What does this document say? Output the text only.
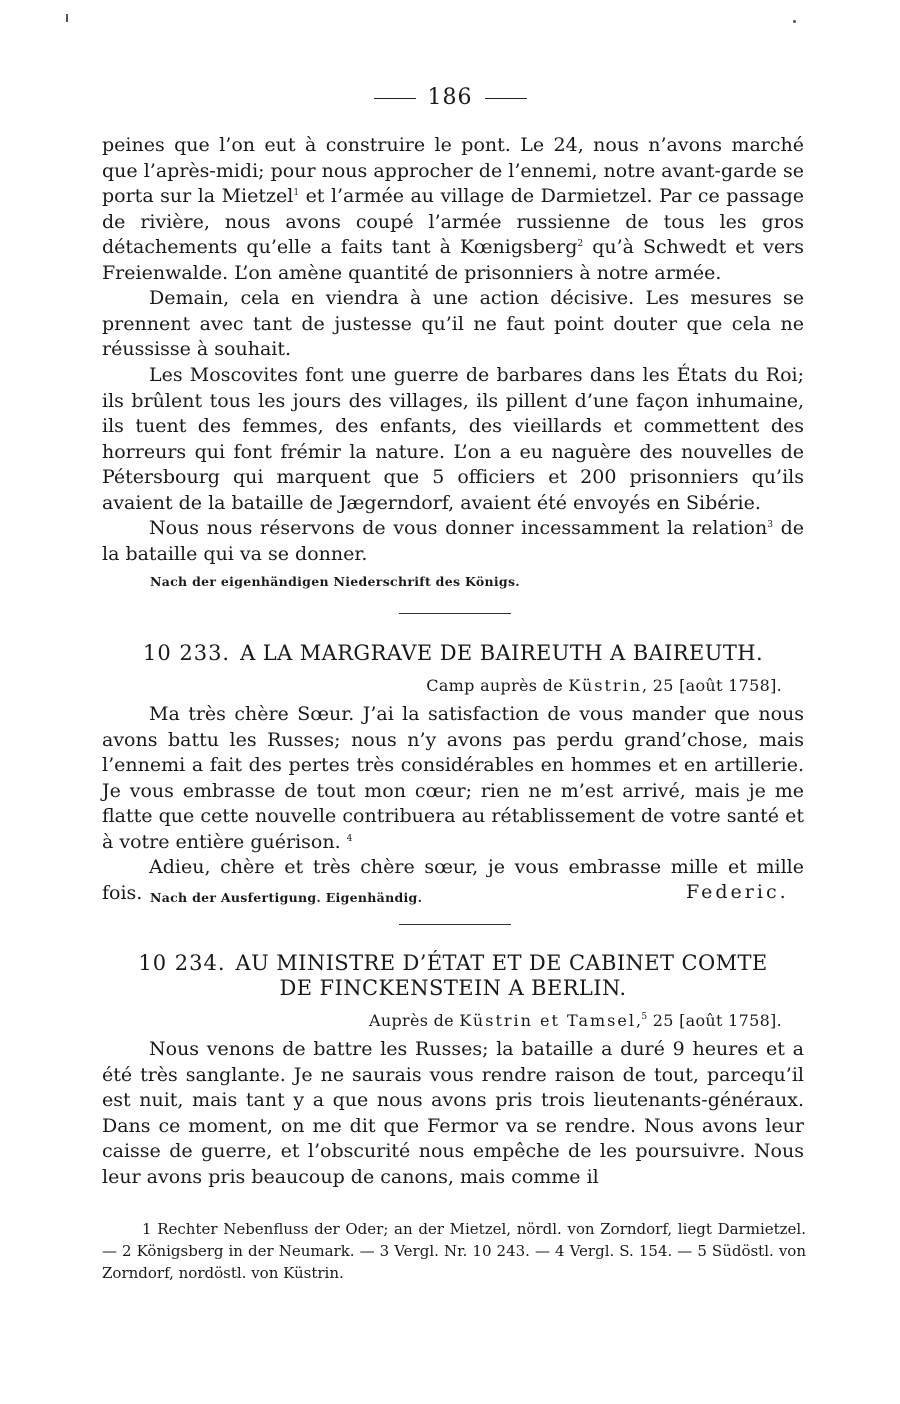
186

peines que l’on eut à construire le pont. Le 24, nous n’avons marché que l’après-midi; pour nous approcher de l’ennemi, notre avant-garde se porta sur la Mietzel$^1$ et l’armée au village de Darmietzel. Par ce passage de rivière, nous avons coupé l’armée russienne de tous les gros détachements qu’elle a faits tant à Kœnigsberg$^2$ qu’à Schwedt et vers Freienwalde. L’on amène quantité de prisonniers à notre armée.

Demain, cela en viendra à une action décisive. Les mesures se prennent avec tant de justesse qu’il ne faut point douter que cela ne réussisse à souhait.

Les Moscovites font une guerre de barbares dans les États du Roi; ils brûlent tous les jours des villages, ils pillent d’une façon inhumaine, ils tuent des femmes, des enfants, des vieillards et commettent des horreurs qui font frémir la nature. L’on a eu naguère des nouvelles de Pétersbourg qui marquent que 5 officiers et 200 prisonniers qu’ils avaient de la bataille de Jægerndorf, avaient été envoyés en Sibérie.

Nous nous réservons de vous donner incessamment la relation$^3$ de la bataille qui va se donner.

Nach der eigenhändigen Niederschrift des Königs.

10 233. A LA MARGRAVE DE BAIREUTH A BAIREUTH.

Camp auprès de Küstrin, 25 [août 1758].

Ma très chère Sœur. J’ai la satisfaction de vous mander que nous avons battu les Russes; nous n’y avons pas perdu grand’chose, mais l’ennemi a fait des pertes très considérables en hommes et en artillerie. Je vous embrasse de tout mon cœur; rien ne m’est arrivé, mais je me flatte que cette nouvelle contribuera au rétablissement de votre santé et à votre entière guérison. $^4$

Adieu, chère et très chère sœur, je vous embrasse mille et mille fois. Nach der Ausfertigung. Eigenhändig.	Federic.

10 234. AU MINISTRE D’ÉTAT ET DE CABINET COMTE

DE FINCKENSTEIN A BERLIN.

Auprès de Küstrin et Tamsel,$^5$ 25 [août 1758].

Nous venons de battre les Russes; la bataille a duré 9 heures et a été très sanglante. Je ne saurais vous rendre raison de tout, parcequ’il est nuit, mais tant y a que nous avons pris trois lieutenants-généraux. Dans ce moment, on me dit que Fermor va se rendre. Nous avons leur caisse de guerre, et l’obscurité nous empêche de les poursuivre. Nous leur avons pris beaucoup de canons, mais comme il

1 Rechter Nebenfluss der Oder; an der Mietzel, nördl. von Zorndorf, liegt Darmietzel. — 2 Königsberg in der Neumark. — 3 Vergl. Nr. 10 243. — 4 Vergl. S. 154. — 5 Südöstl. von Zorndorf, nordöstl. von Küstrin.
